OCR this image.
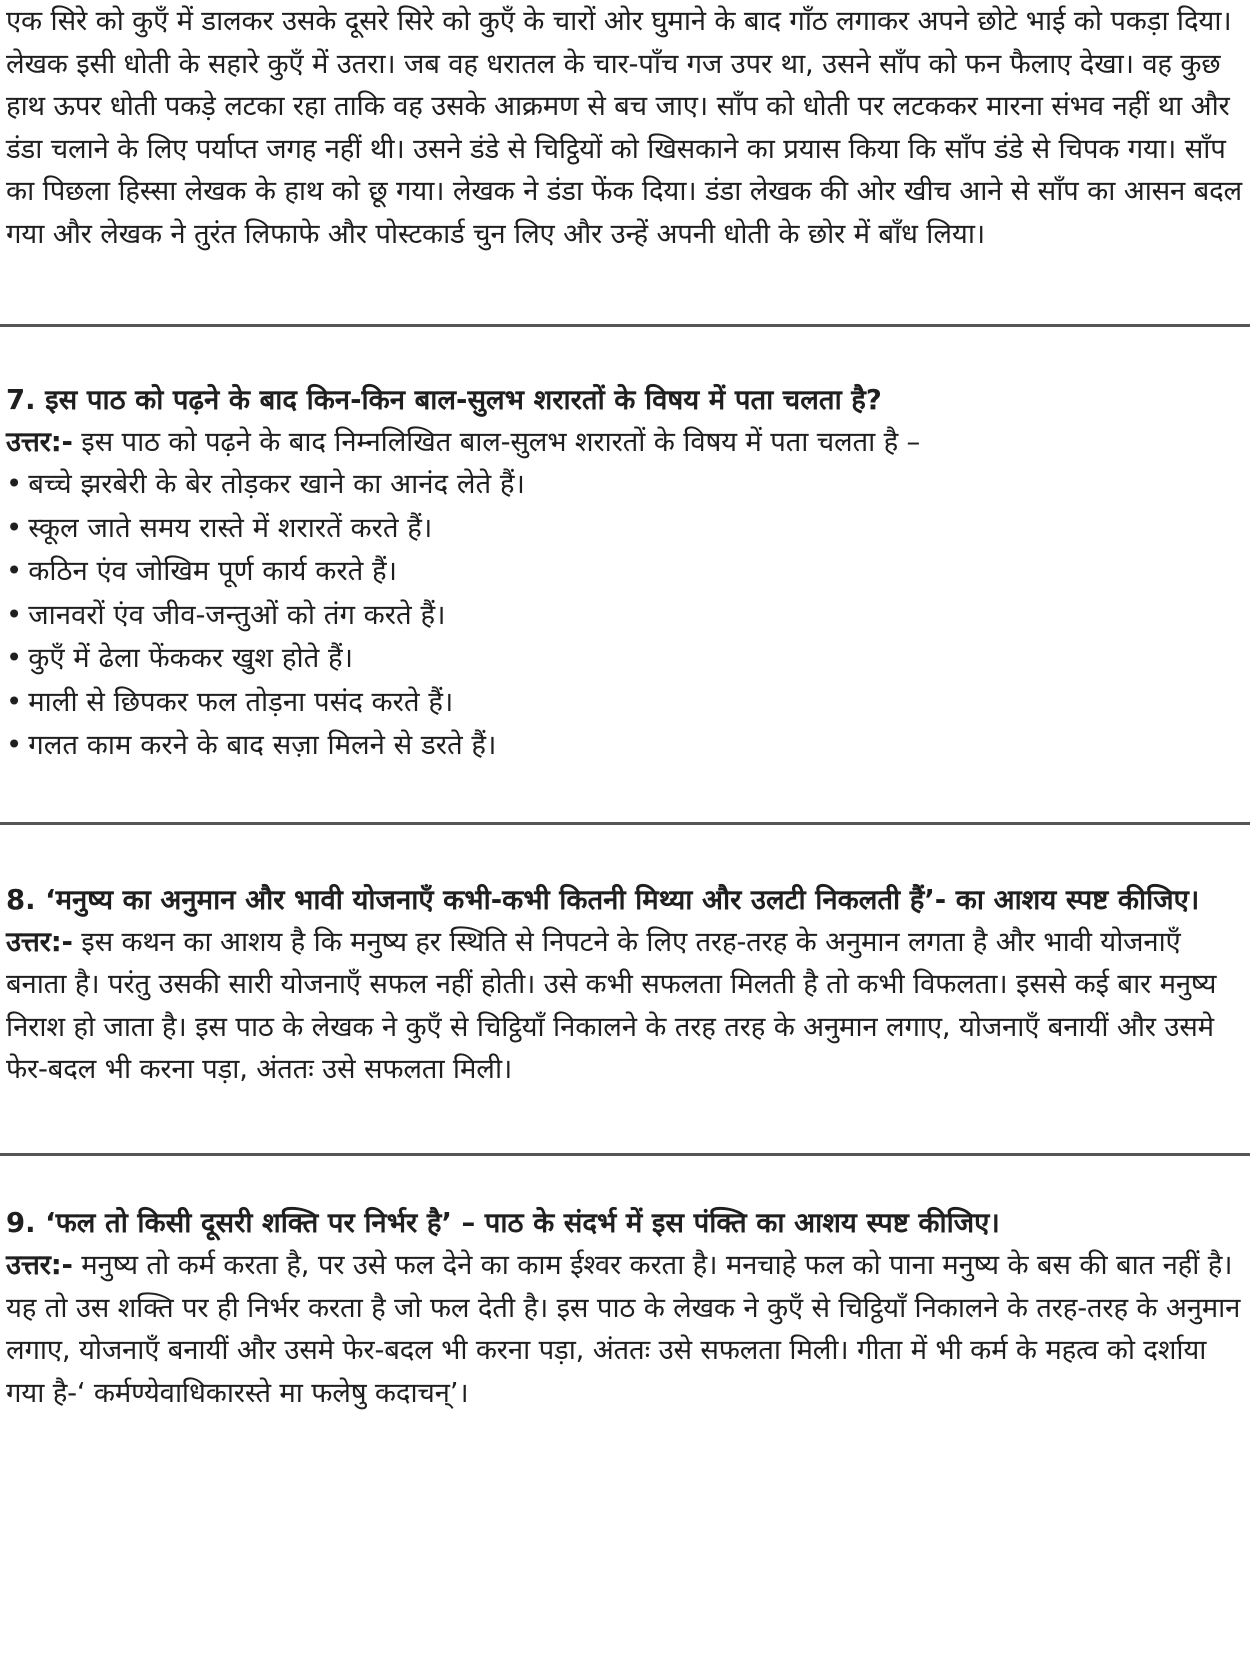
एक सिरे को कुएँ में डालकर उसके दूसरे सिरे को कुएँ के चारों ओर घुमाने के बाद गाँठ लगाकर अपने छोटे भाई को पकड़ा दिया। लेखक इसी धोती के सहारे कुएँ में उतरा। जब वह धरातल के चार-पाँच गज उपर था, उसने साँप को फन फैलाए देखा। वह कुछ हाथ ऊपर धोती पकड़े लटका रहा ताकि वह उसके आक्रमण से बच जाए। साँप को धोती पर लटककर मारना संभव नहीं था और डंडा चलाने के लिए पर्याप्त जगह नहीं थी। उसने डंडे से चिट्ठियों को खिसकाने का प्रयास किया कि साँप डंडे से चिपक गया। साँप का पिछला हिस्सा लेखक के हाथ को छू गया। लेखक ने डंडा फेंक दिया। डंडा लेखक की ओर खीच आने से साँप का आसन बदल गया और लेखक ने तुरंत लिफाफे और पोस्टकार्ड चुन लिए और उन्हें अपनी धोती के छोर में बाँध लिया।

7. इस पाठ को पढ़ने के बाद किन-किन बाल-सुलभ शरारतों के विषय में पता चलता है?

उत्तर:- इस पाठ को पढ़ने के बाद निम्नलिखित बाल-सुलभ शरारतों के विषय में पता चलता है –

• बच्चे झरबेरी के बेर तोड़कर खाने का आनंद लेते हैं।
• स्कूल जाते समय रास्ते में शरारतें करते हैं।
• कठिन एंव जोखिम पूर्ण कार्य करते हैं।
• जानवरों एंव जीव-जन्तुओं को तंग करते हैं।
• कुएँ में ढेला फेंककर खुश होते हैं।
• माली से छिपकर फल तोड़ना पसंद करते हैं।
• गलत काम करने के बाद सज़ा मिलने से डरते हैं।

8. ‘मनुष्य का अनुमान और भावी योजनाएँ कभी-कभी कितनी मिथ्या और उलटी निकलती हैं’- का आशय स्पष्ट कीजिए।

उत्तर:- इस कथन का आशय है कि मनुष्य हर स्थिति से निपटने के लिए तरह-तरह के अनुमान लगता है और भावी योजनाएँ बनाता है। परंतु उसकी सारी योजनाएँ सफल नहीं होती। उसे कभी सफलता मिलती है तो कभी विफलता। इससे कई बार मनुष्य निराश हो जाता है। इस पाठ के लेखक ने कुएँ से चिट्ठियाँ निकालने के तरह तरह के अनुमान लगाए, योजनाएँ बनायीं और उसमे फेर-बदल भी करना पड़ा, अंततः उसे सफलता मिली।

9. ‘फल तो किसी दूसरी शक्ति पर निर्भर है’ – पाठ के संदर्भ में इस पंक्ति का आशय स्पष्ट कीजिए।

उत्तर:- मनुष्य तो कर्म करता है, पर उसे फल देने का काम ईश्वर करता है। मनचाहे फल को पाना मनुष्य के बस की बात नहीं है। यह तो उस शक्ति पर ही निर्भर करता है जो फल देती है। इस पाठ के लेखक ने कुएँ से चिट्ठियाँ निकालने के तरह-तरह के अनुमान लगाए, योजनाएँ बनायीं और उसमे फेर-बदल भी करना पड़ा, अंततः उसे सफलता मिली। गीता में भी कर्म के महत्व को दर्शाया गया है-‘ कर्मण्येवाधिकारस्ते मा फलेषु कदाचन्’।
